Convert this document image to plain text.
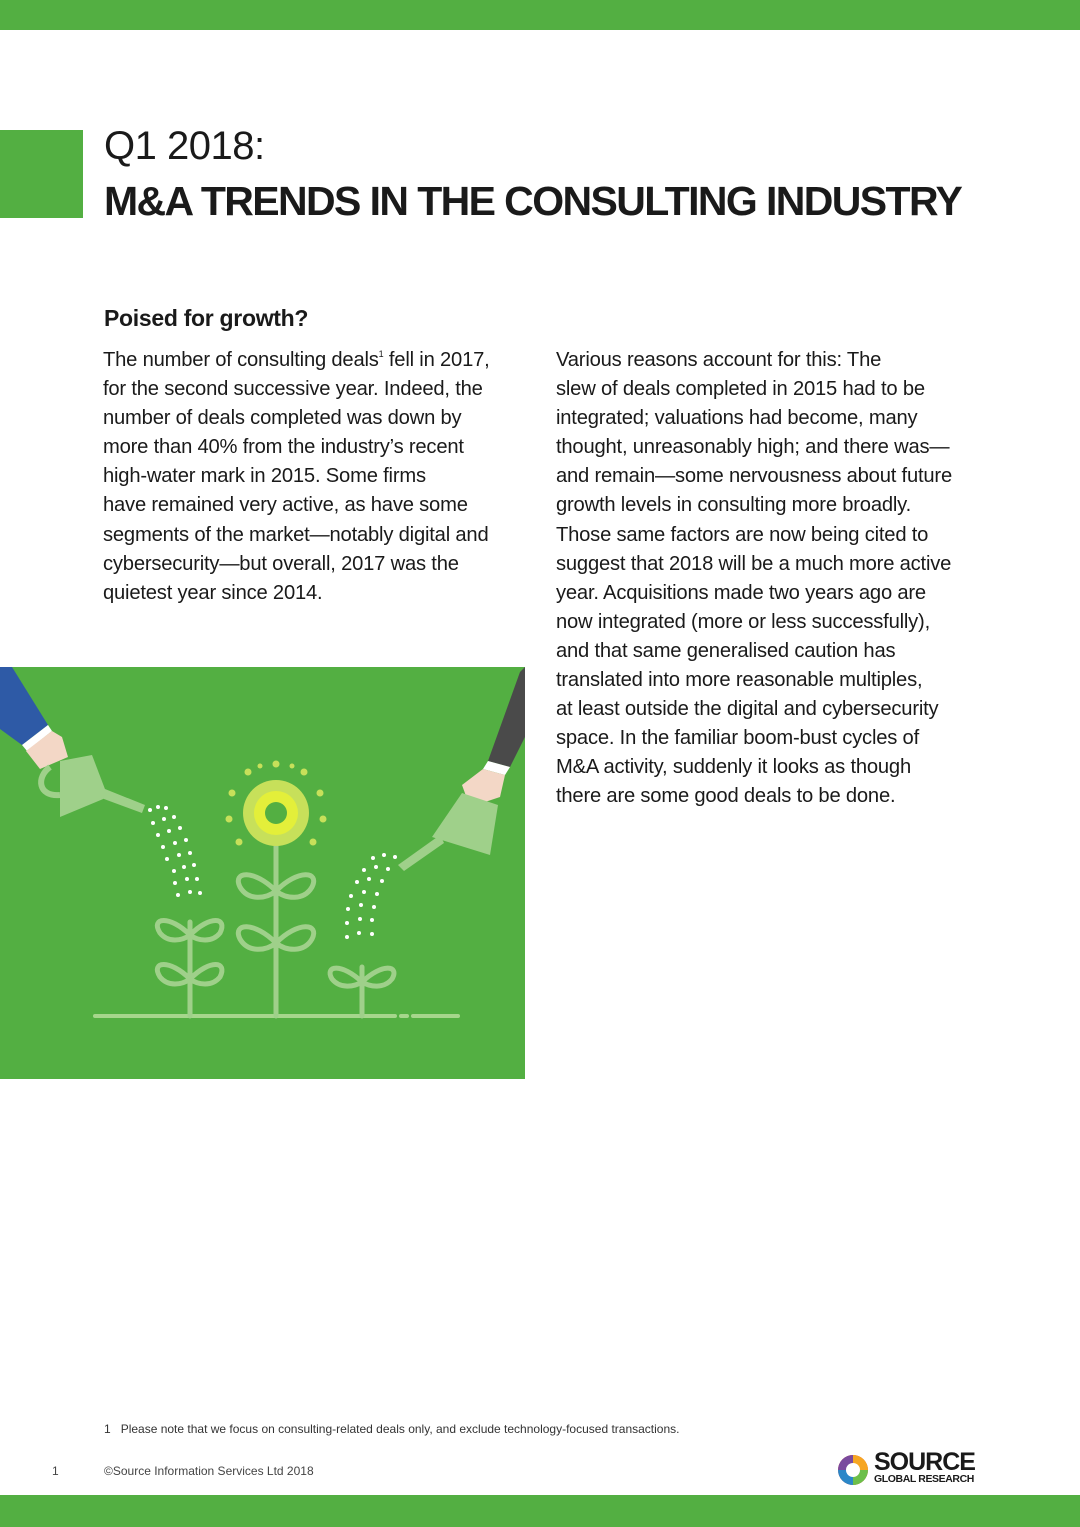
Q1 2018:
M&A TRENDS IN THE CONSULTING INDUSTRY
Poised for growth?
The number of consulting deals$^1$ fell in 2017,
for the second successive year. Indeed, the
number of deals completed was down by
more than 40% from the industry’s recent
high-water mark in 2015. Some firms
have remained very active, as have some
segments of the market—notably digital and
cybersecurity—but overall, 2017 was the
quietest year since 2014.
Various reasons account for this: The
slew of deals completed in 2015 had to be
integrated; valuations had become, many
thought, unreasonably high; and there was—
and remain—some nervousness about future
growth levels in consulting more broadly.
Those same factors are now being cited to
suggest that 2018 will be a much more active
year. Acquisitions made two years ago are
now integrated (more or less successfully),
and that same generalised caution has
translated into more reasonable multiples,
at least outside the digital and cybersecurity
space. In the familiar boom-bust cycles of
M&A activity, suddenly it looks as though
there are some good deals to be done.
1 Please note that we focus on consulting-related deals only, and exclude technology-focused transactions.
1	©Source Information Services Ltd 2018	SOURCE
GLOBAL RESEARCH
